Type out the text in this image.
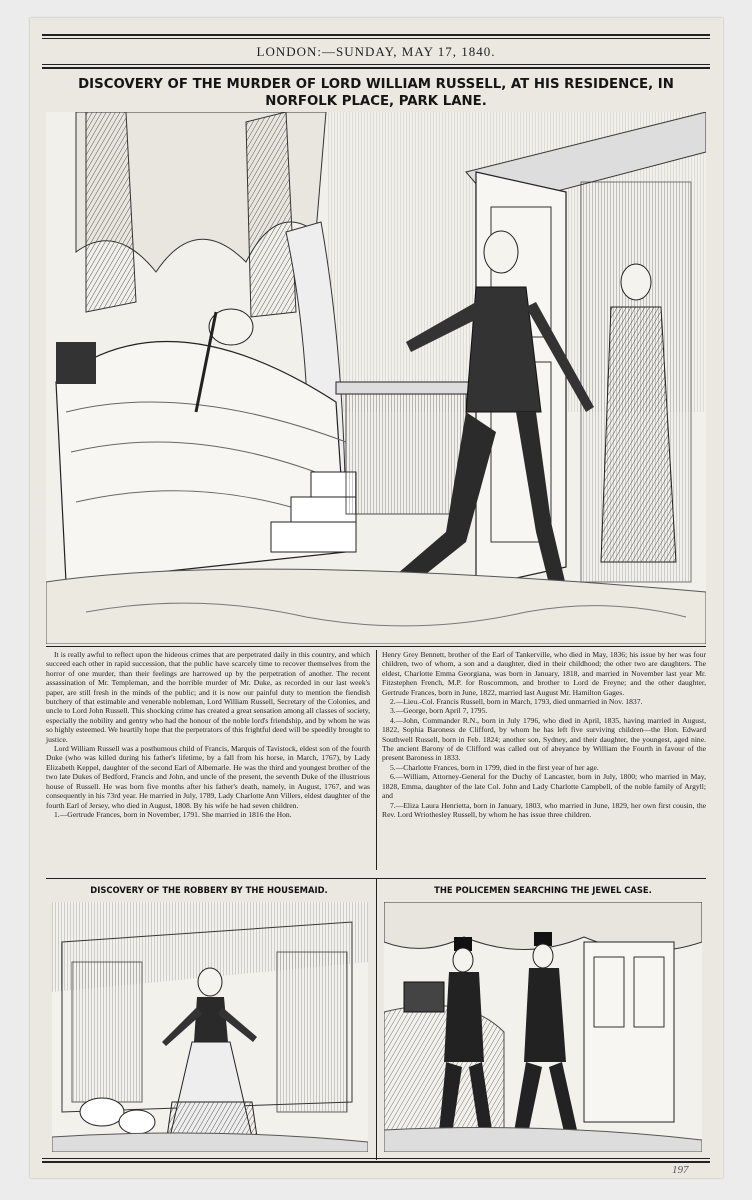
LONDON:—SUNDAY, MAY 17, 1840.
DISCOVERY OF THE MURDER OF LORD WILLIAM RUSSELL, AT HIS RESIDENCE, IN NORFOLK PLACE, PARK LANE.

It is really awful to reflect upon the hideous crimes that are perpetrated daily in this country, and which succeed each other in rapid succession, that the public have scarcely time to recover themselves from the horror of one murder, than their feelings are harrowed up by the perpetration of another. The recent assassination of Mr. Templeman, and the horrible murder of Mr. Duke, as recorded in our last week's paper, are still fresh in the minds of the public; and it is now our painful duty to mention the fiendish butchery of that estimable and venerable nobleman, Lord William Russell, Secretary of the Colonies, and uncle to Lord John Russell. This shocking crime has created a great sensation among all classes of society, especially the nobility and gentry who had the honour of the noble lord's friendship, and by whom he was so highly esteemed. We heartily hope that the perpetrators of this frightful deed will be speedily brought to justice.

Lord William Russell was a posthumous child of Francis, Marquis of Tavistock, eldest son of the fourth Duke (who was killed during his father's lifetime, by a fall from his horse, in March, 1767), by Lady Elizabeth Keppel, daughter of the second Earl of Albemarle. He was the third and youngest brother of the two late Dukes of Bedford, Francis and John, and uncle of the present, the seventh Duke of the illustrious house of Russell. He was born five months after his father's death, namely, in August, 1767, and was consequently in his 73rd year. He married in July, 1789, Lady Charlotte Ann Villers, eldest daughter of the fourth Earl of Jersey, who died in August, 1808. By his wife he had seven children.

1.—Gertrude Frances, born in November, 1791. She married in 1816 the Hon.

Henry Grey Bennett, brother of the Earl of Tankerville, who died in May, 1836; his issue by her was four children, two of whom, a son and a daughter, died in their childhood; the other two are daughters. The eldest, Charlotte Emma Georgiana, was born in January, 1818, and married in November last year Mr. Fitzstephen French, M.P. for Roscommon, and brother to Lord de Freyne; and the other daughter, Gertrude Frances, born in June, 1822, married last August Mr. Hamilton Gages.

2.—Lieu.-Col. Francis Russell, born in March, 1793, died unmarried in Nov. 1837.

3.—George, born April 7, 1795.

4.—John, Commander R.N., born in July 1796, who died in April, 1835, having married in August, 1822, Sophia Baroness de Clifford, by whom he has left five surviving children—the Hon. Edward Southwell Russell, born in Feb. 1824; another son, Sydney, and their daughter, the youngest, aged nine. The ancient Barony of de Clifford was called out of abeyance by William the Fourth in favour of the present Baroness in 1833.

5.—Charlotte Frances, born in 1799, died in the first year of her age.

6.—William, Attorney-General for the Duchy of Lancaster, born in July, 1800; who married in May, 1828, Emma, daughter of the late Col. John and Lady Charlotte Campbell, of the noble family of Argyll; and

7.—Eliza Laura Henrietta, born in January, 1803, who married in June, 1829, her own first cousin, the Rev. Lord Wriothesley Russell, by whom he has issue three children.

DISCOVERY OF THE ROBBERY BY THE HOUSEMAID.	THE POLICEMEN SEARCHING THE JEWEL CASE.
197
